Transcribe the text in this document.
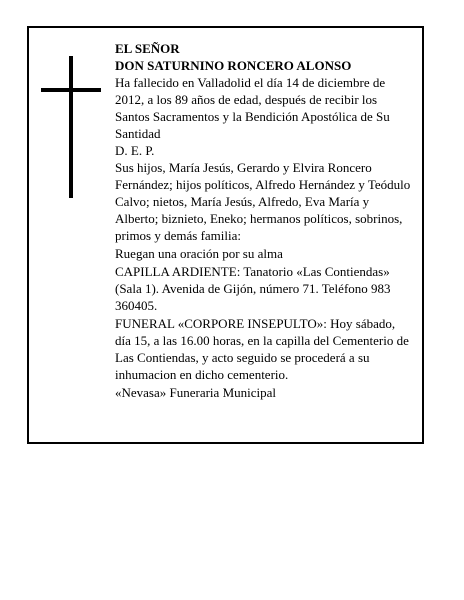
EL SEÑOR

DON SATURNINO RONCERO ALONSO

Ha fallecido en Valladolid el día 14 de diciembre de 2012, a los 89 años de edad, después de recibir los Santos Sacramentos y la Bendición Apostólica de Su Santidad

D. E. P.

Sus hijos, María Jesús, Gerardo y Elvira Roncero Fernández; hijos políticos, Alfredo Hernández y Teódulo Calvo; nietos, María Jesús, Alfredo, Eva María y Alberto; biznieto, Eneko; hermanos políticos, sobrinos, primos y demás familia:

Ruegan una oración por su alma

CAPILLA ARDIENTE: Tanatorio «Las Contiendas» (Sala 1). Avenida de Gijón, número 71. Teléfono 983 360405.

FUNERAL «CORPORE INSEPULTO»: Hoy sábado, día 15, a las 16.00 horas, en la capilla del Cementerio de Las Contiendas, y acto seguido se procederá a su inhumacion en dicho cementerio.

«Nevasa» Funeraria Municipal
